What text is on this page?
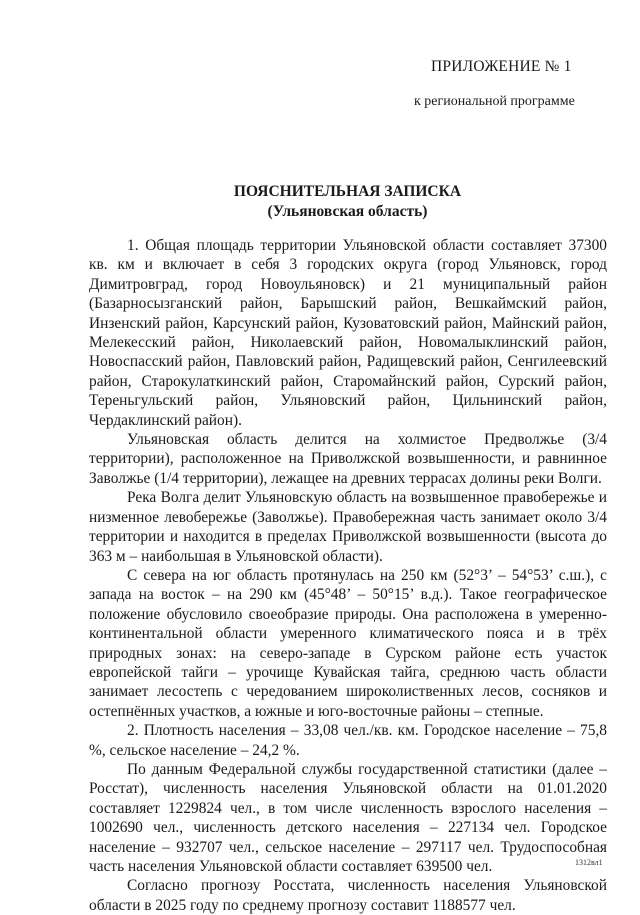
ПРИЛОЖЕНИЕ № 1
к региональной программе
ПОЯСНИТЕЛЬНАЯ ЗАПИСКА
(Ульяновская область)

1. Общая площадь территории Ульяновской области составляет 37300 кв. км и включает в себя 3 городских округа (город Ульяновск, город Димитровград, город Новоульяновск) и 21 муниципальный район (Базарносызганский район, Барышский район, Вешкаймский район, Инзенский район, Карсунский район, Кузоватовский район, Майнский район, Мелекесский район, Николаевский район, Новомалыклинский район, Новоспасский район, Павловский район, Радищевский район, Сенгилеевский район, Старокулаткинский район, Старомайнский район, Сурский район, Тереньгульский район, Ульяновский район, Цильнинский район, Чердаклинский район).

Ульяновская область делится на холмистое Предволжье (3/4 территории), расположенное на Приволжской возвышенности, и равнинное Заволжье (1/4 территории), лежащее на древних террасах долины реки Волги.

Река Волга делит Ульяновскую область на возвышенное правобережье и низменное левобережье (Заволжье). Правобережная часть занимает около 3/4 территории и находится в пределах Приволжской возвышенности (высота до 363 м – наибольшая в Ульяновской области).

С севера на юг область протянулась на 250 км (52°3’ – 54°53’ с.ш.), с запада на восток – на 290 км (45°48’ – 50°15’ в.д.). Такое географическое положение обусловило своеобразие природы. Она расположена в умеренно-континентальной области умеренного климатического пояса и в трёх природных зонах: на северо-западе в Сурском районе есть участок европейской тайги – урочище Кувайская тайга, среднюю часть области занимает лесостепь с чередованием широколиственных лесов, сосняков и остепнённых участков, а южные и юго-восточные районы – степные.

2. Плотность населения – 33,08 чел./кв. км. Городское население – 75,8 %, сельское население – 24,2 %.

По данным Федеральной службы государственной статистики (далее – Росстат), численность населения Ульяновской области на 01.01.2020 составляет 1229824 чел., в том числе численность взрослого населения – 1002690 чел., численность детского населения – 227134 чел. Городское население – 932707 чел., сельское население – 297117 чел. Трудоспособная часть населения Ульяновской области составляет 639500 чел.

Согласно прогнозу Росстата, численность населения Ульяновской области в 2025 году по среднему прогнозу составит 1188577 чел.

1312вл1
